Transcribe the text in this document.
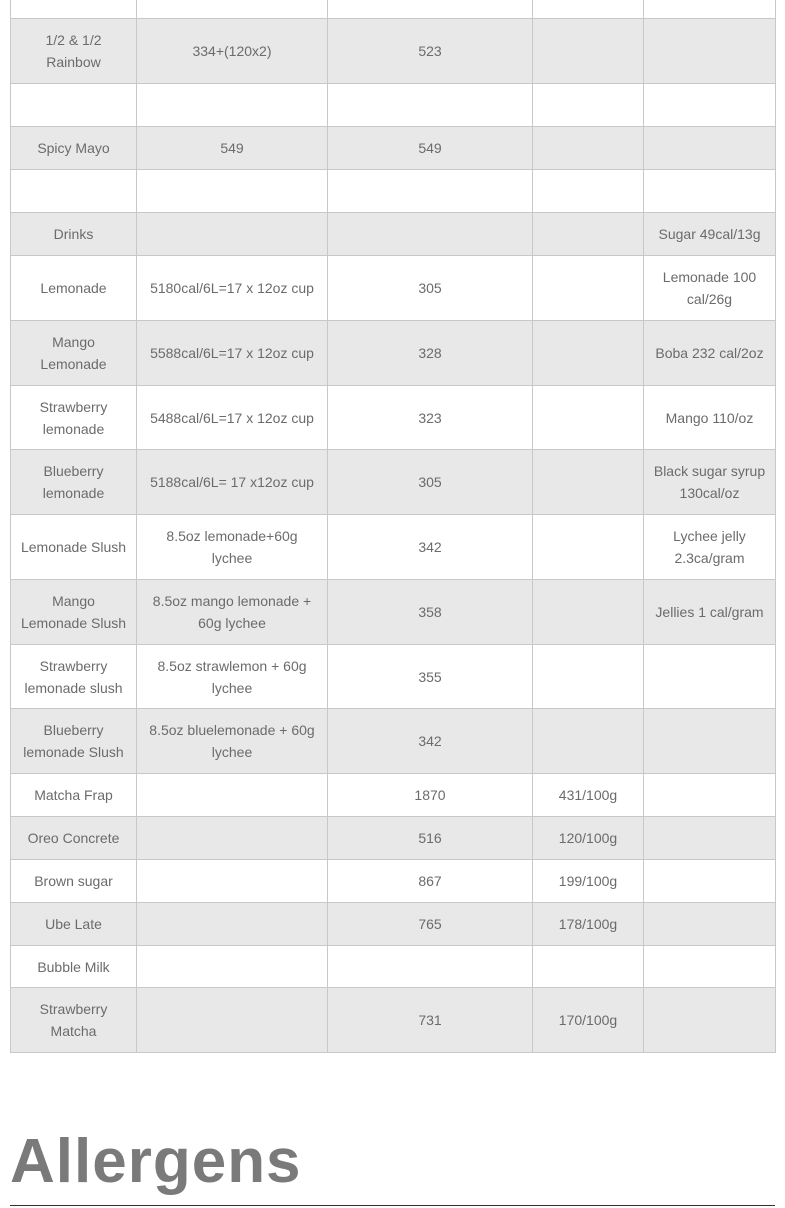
1/2 & 1/2 Rainbow	334+(120x2)	523		

Spicy Mayo	549	549		

Drinks				Sugar 49cal/13g
Lemonade	5180cal/6L=17 x 12oz cup	305		Lemonade 100 cal/26g
Mango Lemonade	5588cal/6L=17 x 12oz cup	328		Boba 232 cal/2oz
Strawberry lemonade	5488cal/6L=17 x 12oz cup	323		Mango 110/oz
Blueberry lemonade	5188cal/6L= 17 x12oz cup	305		Black sugar syrup 130cal/oz
Lemonade Slush	8.5oz lemonade+60g lychee	342		Lychee jelly 2.3ca/gram
Mango Lemonade Slush	8.5oz mango lemonade + 60g lychee	358		Jellies 1 cal/gram
Strawberry lemonade slush	8.5oz strawlemon + 60g lychee	355		
Blueberry lemonade Slush	8.5oz bluelemonade + 60g lychee	342		
Matcha Frap		1870	431/100g	
Oreo Concrete		516	120/100g	
Brown sugar		867	199/100g	
Ube Late		765	178/100g	
Bubble Milk				
Strawberry Matcha		731	170/100g	
Allergens
